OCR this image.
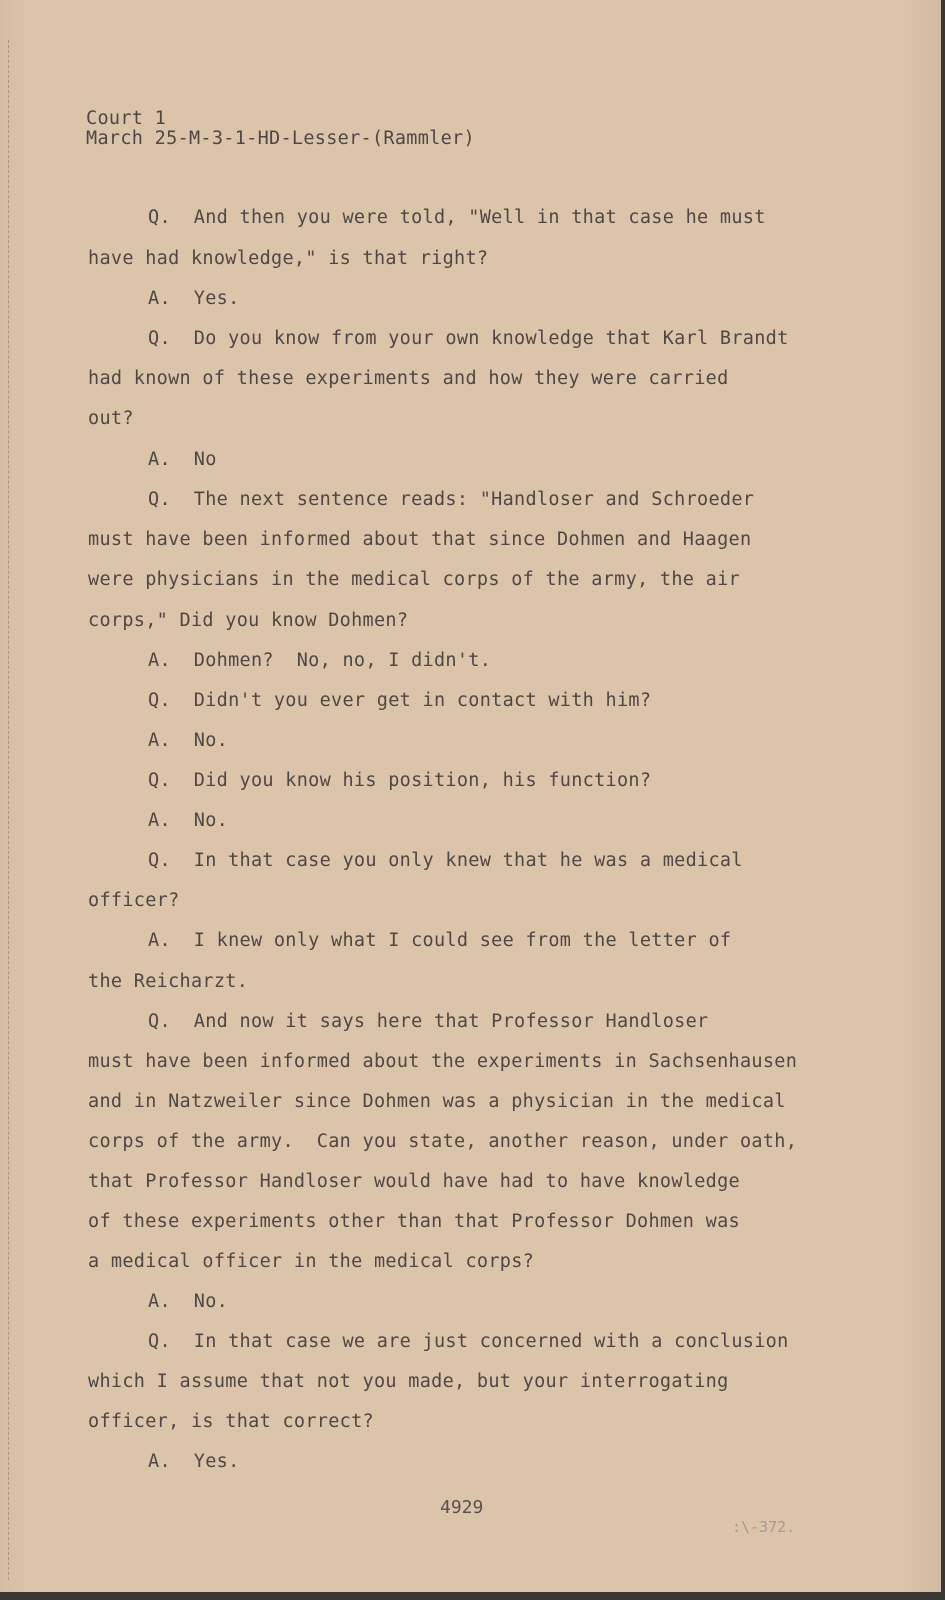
Court 1
March 25-M-3-1-HD-Lesser-(Rammler)
Q.  And then you were told, "Well in that case he must
have had knowledge," is that right?
A.  Yes.
Q.  Do you know from your own knowledge that Karl Brandt
had known of these experiments and how they were carried
out?
A.  No
Q.  The next sentence reads: "Handloser and Schroeder
must have been informed about that since Dohmen and Haagen
were physicians in the medical corps of the army, the air
corps," Did you know Dohmen?
A.  Dohmen?  No, no, I didn't.
Q.  Didn't you ever get in contact with him?
A.  No.
Q.  Did you know his position, his function?
A.  No.
Q.  In that case you only knew that he was a medical
officer?
A.  I knew only what I could see from the letter of
the Reicharzt.
Q.  And now it says here that Professor Handloser
must have been informed about the experiments in Sachsenhausen
and in Natzweiler since Dohmen was a physician in the medical
corps of the army.  Can you state, another reason, under oath,
that Professor Handloser would have had to have knowledge
of these experiments other than that Professor Dohmen was
a medical officer in the medical corps?
A.  No.
Q.  In that case we are just concerned with a conclusion
which I assume that not you made, but your interrogating
officer, is that correct?
A.  Yes.
4929
:\-372.
